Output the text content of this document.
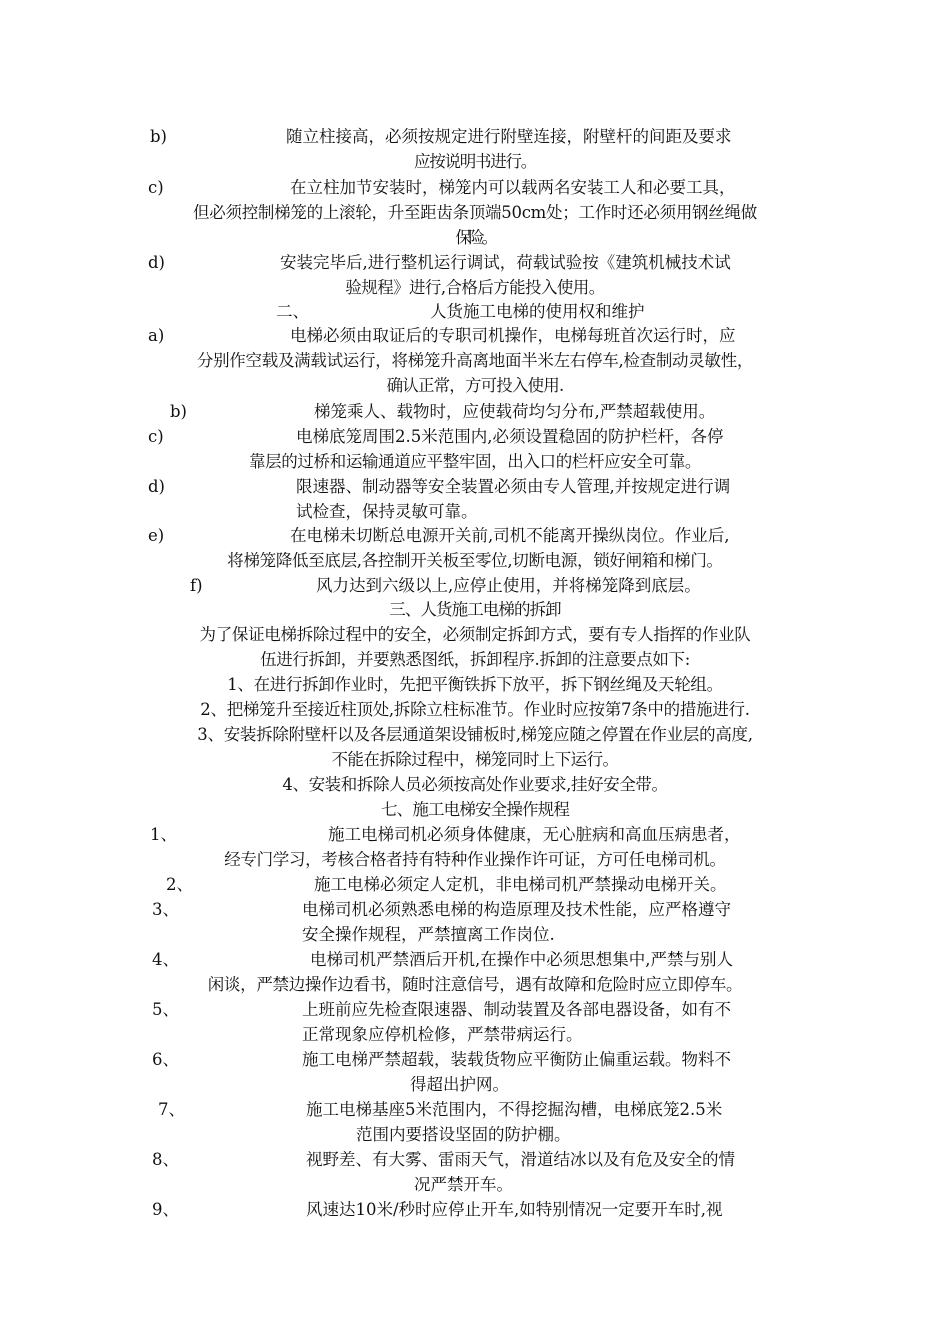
b)	随立柱接高，必须按规定进行附壁连接，附壁杆的间距及要求
应按说明书进行。
c)	在立柱加节安装时，梯笼内可以载两名安装工人和必要工具，
但必须控制梯笼的上滚轮，升至距齿条顶端50cm处；工作时还必须用钢丝绳做
保险。
d)	安装完毕后,进行整机运行调试，荷载试验按《建筑机械技术试
验规程》进行,合格后方能投入使用。
二、	人货施工电梯的使用权和维护
a)	电梯必须由取证后的专职司机操作，电梯每班首次运行时，应
分别作空载及满载试运行，将梯笼升高离地面半米左右停车,检查制动灵敏性，
确认正常，方可投入使用.
b)	梯笼乘人、载物时，应使载荷均匀分布,严禁超载使用。
c)	电梯底笼周围2.5米范围内,必须设置稳固的防护栏杆，各停
靠层的过桥和运输通道应平整牢固，出入口的栏杆应安全可靠。
d)	限速器、制动器等安全装置必须由专人管理,并按规定进行调
试检查，保持灵敏可靠。
e)	在电梯未切断总电源开关前,司机不能离开操纵岗位。作业后,
将梯笼降低至底层,各控制开关板至零位,切断电源，锁好闸箱和梯门。
f)	风力达到六级以上,应停止使用，并将梯笼降到底层。
三、人货施工电梯的拆卸
为了保证电梯拆除过程中的安全，必须制定拆卸方式，要有专人指挥的作业队
伍进行拆卸，并要熟悉图纸，拆卸程序.拆卸的注意要点如下:
1、在进行拆卸作业时，先把平衡铁拆下放平，拆下钢丝绳及天轮组。
2、把梯笼升至接近柱顶处,拆除立柱标准节。作业时应按第7条中的措施进行.
3、安装拆除附壁杆以及各层通道架设铺板时,梯笼应随之停置在作业层的高度,
不能在拆除过程中，梯笼同时上下运行。
4、安装和拆除人员必须按高处作业要求,挂好安全带。
七、施工电梯安全操作规程
1、	施工电梯司机必须身体健康，无心脏病和高血压病患者，
经专门学习，考核合格者持有特种作业操作许可证，方可任电梯司机。
2、	施工电梯必须定人定机，非电梯司机严禁操动电梯开关。
3、	电梯司机必须熟悉电梯的构造原理及技术性能，应严格遵守
安全操作规程，严禁擅离工作岗位.
4、	电梯司机严禁酒后开机,在操作中必须思想集中,严禁与别人
闲谈，严禁边操作边看书，随时注意信号，遇有故障和危险时应立即停车。
5、	上班前应先检查限速器、制动装置及各部电器设备，如有不
正常现象应停机检修，严禁带病运行。
6、	施工电梯严禁超载，装载货物应平衡防止偏重运载。物料不
得超出护网。
7、	施工电梯基座5米范围内，不得挖掘沟槽，电梯底笼2.5米
范围内要搭设坚固的防护棚。
8、	视野差、有大雾、雷雨天气，滑道结冰以及有危及安全的情
况严禁开车。
9、	风速达10米/秒时应停止开车,如特别情况一定要开车时,视
